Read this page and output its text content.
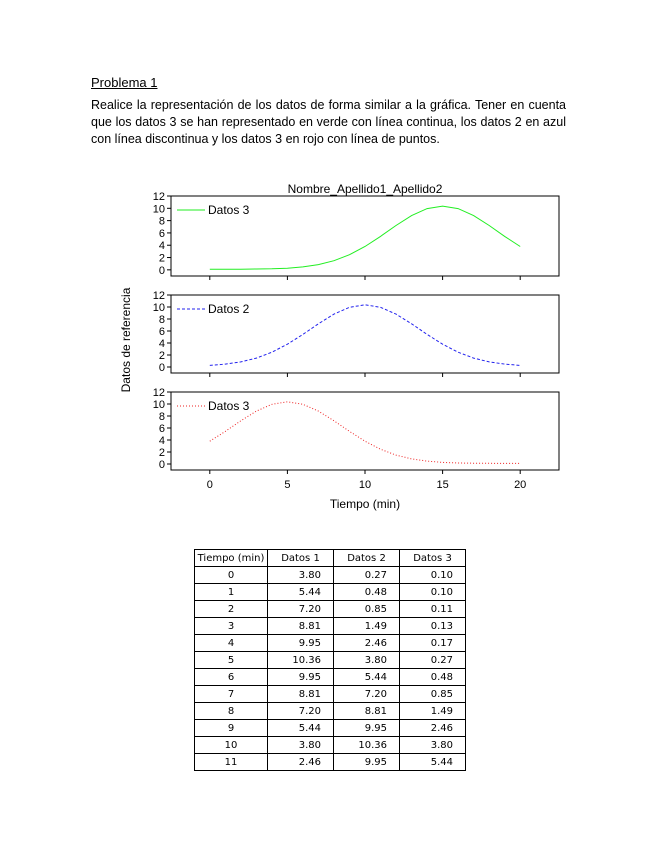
Problema 1
Realice la representación de los datos de forma similar a la gráfica. Tener en cuenta que los datos 3 se han representado en verde con línea continua, los datos 2 en azul con línea discontinua y los datos 3 en rojo con línea de puntos.
Nombre_Apellido1_Apellido2
0
2
4
6
8
10
12
Datos 3
0
2
4
6
8
10
12
Datos 2
0
2
4
6
8
10
12
Datos 3
0	5	10	15	20
Tiempo (min)
Datos de referencia
Tiempo (min)	Datos 1	Datos 2	Datos 3
0	3.80	0.27	0.10
1	5.44	0.48	0.10
2	7.20	0.85	0.11
3	8.81	1.49	0.13
4	9.95	2.46	0.17
5	10.36	3.80	0.27
6	9.95	5.44	0.48
7	8.81	7.20	0.85
8	7.20	8.81	1.49
9	5.44	9.95	2.46
10	3.80	10.36	3.80
11	2.46	9.95	5.44
